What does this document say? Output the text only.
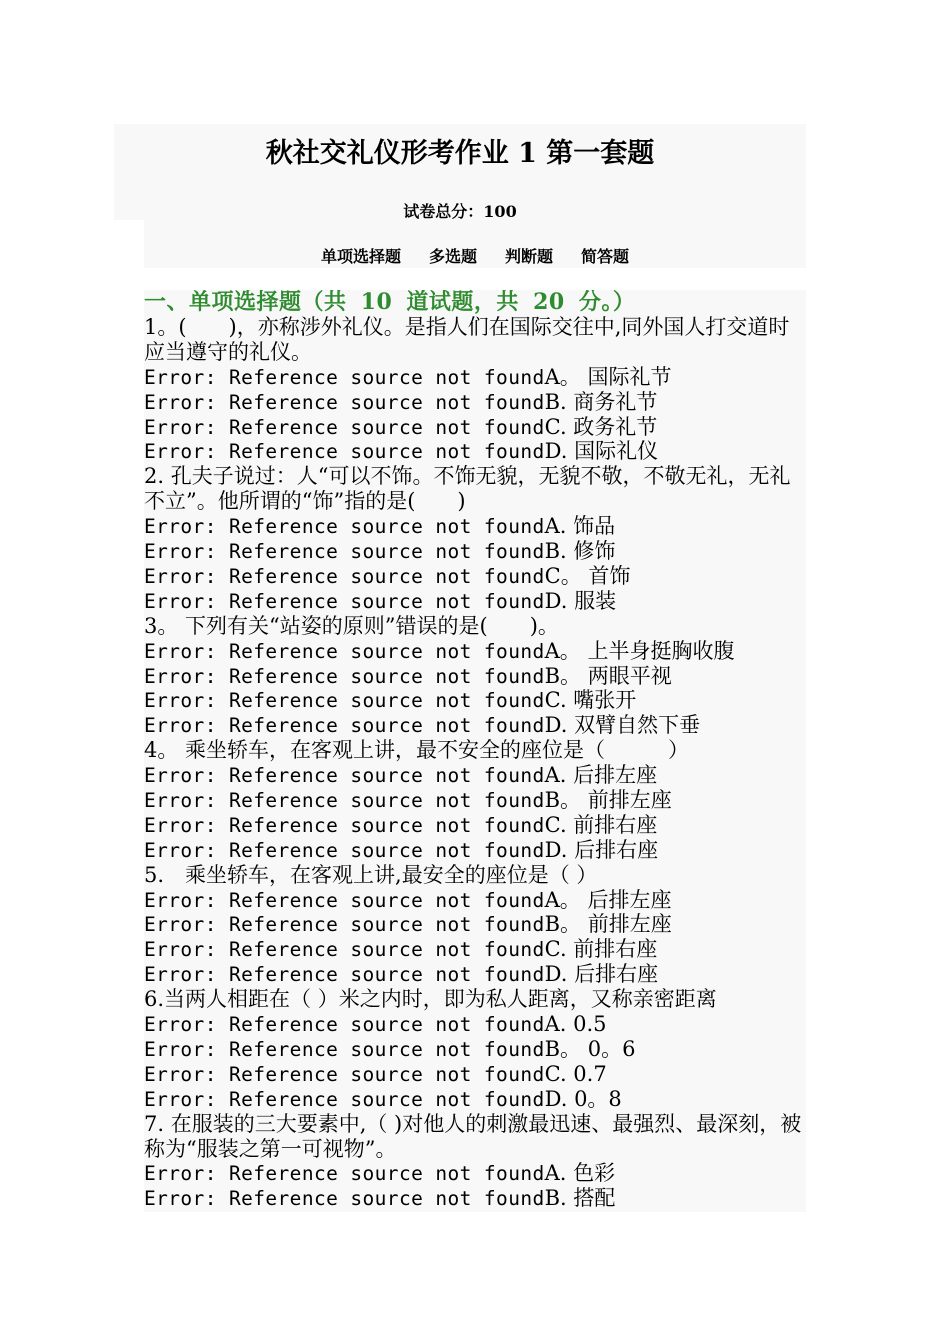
秋社交礼仪形考作业 1 第一套题
试卷总分：100
单项选择题 多选题 判断题 简答题
一、单项选择题（共 10 道试题，共 20 分。）
1。(　　)，亦称涉外礼仪。是指人们在国际交往中,同外国人打交道时应当遵守的礼仪。
Error: Reference source not foundA。 国际礼节
Error: Reference source not foundB. 商务礼节
Error: Reference source not foundC. 政务礼节
Error: Reference source not foundD. 国际礼仪
2. 孔夫子说过：人“可以不饰。不饰无貌，无貌不敬，不敬无礼，无礼不立”。他所谓的“饰”指的是(　　)
Error: Reference source not foundA. 饰品
Error: Reference source not foundB. 修饰
Error: Reference source not foundC。 首饰
Error: Reference source not foundD. 服装
3。 下列有关“站姿的原则”错误的是(　　)。
Error: Reference source not foundA。 上半身挺胸收腹
Error: Reference source not foundB。 两眼平视
Error: Reference source not foundC. 嘴张开
Error: Reference source not foundD. 双臂自然下垂
4。 乘坐轿车，在客观上讲，最不安全的座位是（　　　）
Error: Reference source not foundA. 后排左座
Error: Reference source not foundB。 前排左座
Error: Reference source not foundC. 前排右座
Error: Reference source not foundD. 后排右座
5.　乘坐轿车，在客观上讲,最安全的座位是（ ）
Error: Reference source not foundA。 后排左座
Error: Reference source not foundB。 前排左座
Error: Reference source not foundC. 前排右座
Error: Reference source not foundD. 后排右座
6.当两人相距在（ ）米之内时，即为私人距离，又称亲密距离
Error: Reference source not foundA. 0.5
Error: Reference source not foundB。 0。6
Error: Reference source not foundC. 0.7
Error: Reference source not foundD. 0。8
7. 在服装的三大要素中,（ )对他人的刺激最迅速、最强烈、最深刻，被称为“服装之第一可视物”。
Error: Reference source not foundA. 色彩
Error: Reference source not foundB. 搭配
